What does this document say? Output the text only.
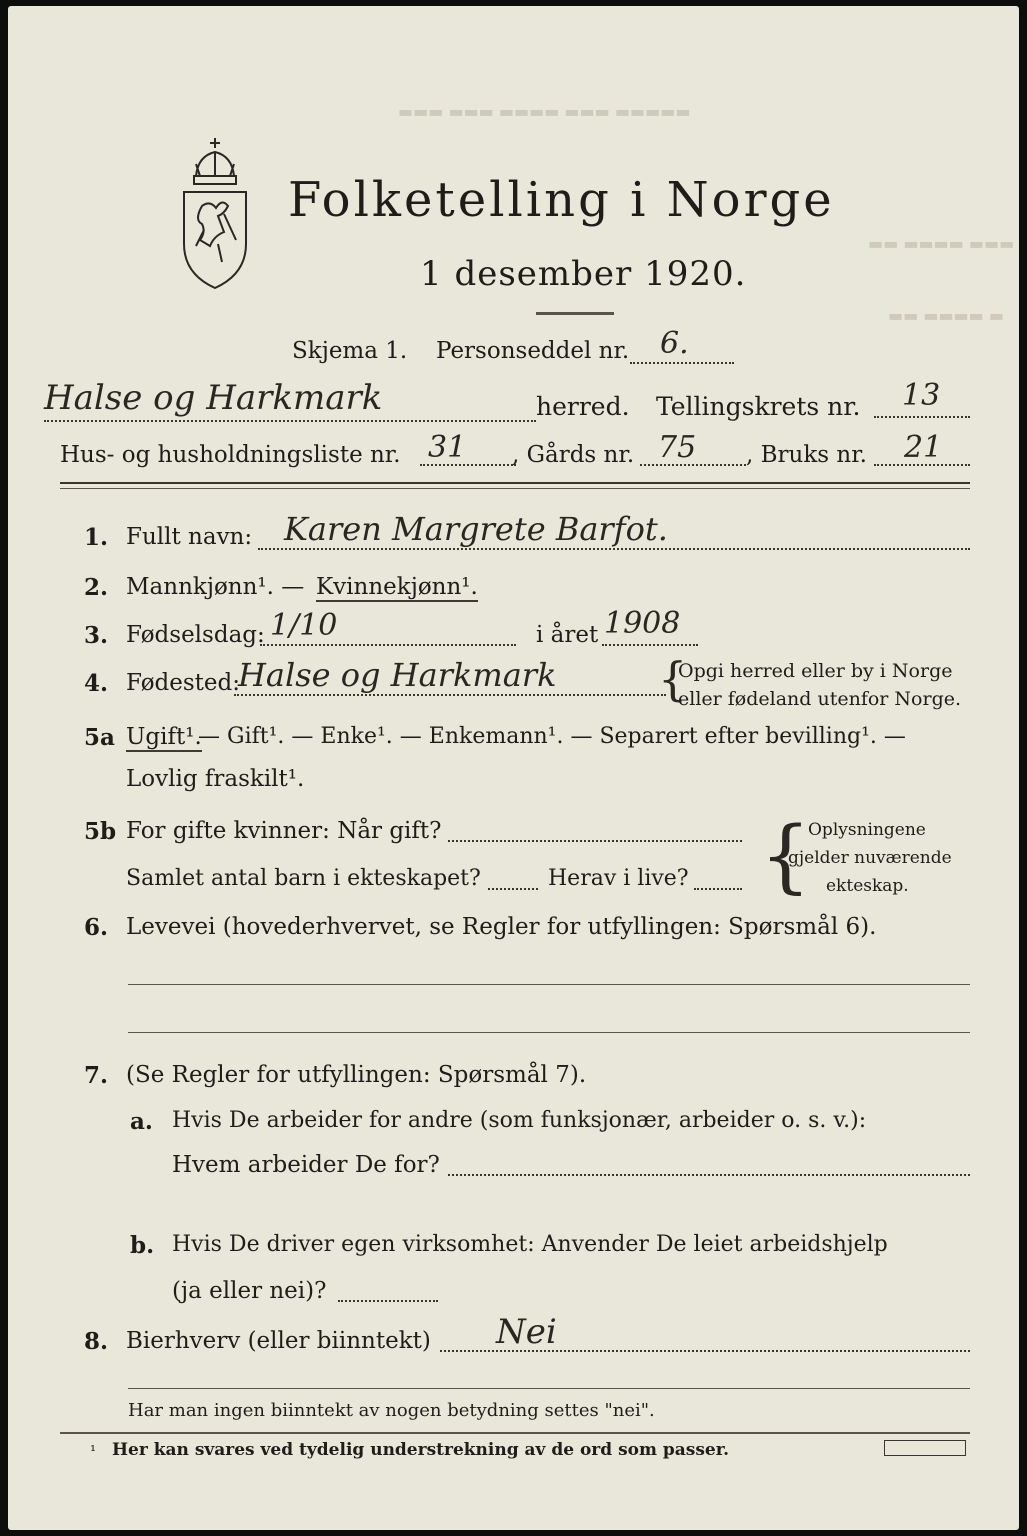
▬▬▬ ▬▬▬ ▬▬▬▬ ▬▬▬ ▬▬▬▬▬
▬▬ ▬▬▬▬ ▬▬▬
▬▬ ▬▬▬▬ ▬
Folketelling i Norge
1 desember 1920.
Skjema 1. Personseddel nr. 6.
Halse og Harkmark	herred. Tellingskrets nr. 13
Hus- og husholdningsliste nr. 31 , Gårds nr. 75 , Bruks nr. 21
1. Fullt navn: Karen Margrete Barfot.
2. Mannkjønn¹. — Kvinnekjønn¹.
3. Fødselsdag: 1/10	i året 1908
4. Fødested:
Halse og Harkmark {
Opgi herred eller by i Norge
eller fødeland utenfor Norge.
5a Ugift¹.
— Gift¹. — Enke¹. — Enkemann¹. — Separert efter bevilling¹. —
Lovlig fraskilt¹.
5b For gifte kvinner: Når gift?
Samlet antal barn i ekteskapet?	Herav i live? {
Oplysningene
gjelder nuværende
ekteskap.
6. Levevei (hovederhvervet, se Regler for utfyllingen: Spørsmål 6).
7. (Se Regler for utfyllingen: Spørsmål 7).
a. Hvis De arbeider for andre (som funksjonær, arbeider o. s. v.):
Hvem arbeider De for?
b. Hvis De driver egen virksomhet: Anvender De leiet arbeidshjelp
(ja eller nei)?
8. Bierhverv (eller biinntekt) Nei
Har man ingen biinntekt av nogen betydning settes "nei".
¹ Her kan svares ved tydelig understrekning av de ord som passer.
